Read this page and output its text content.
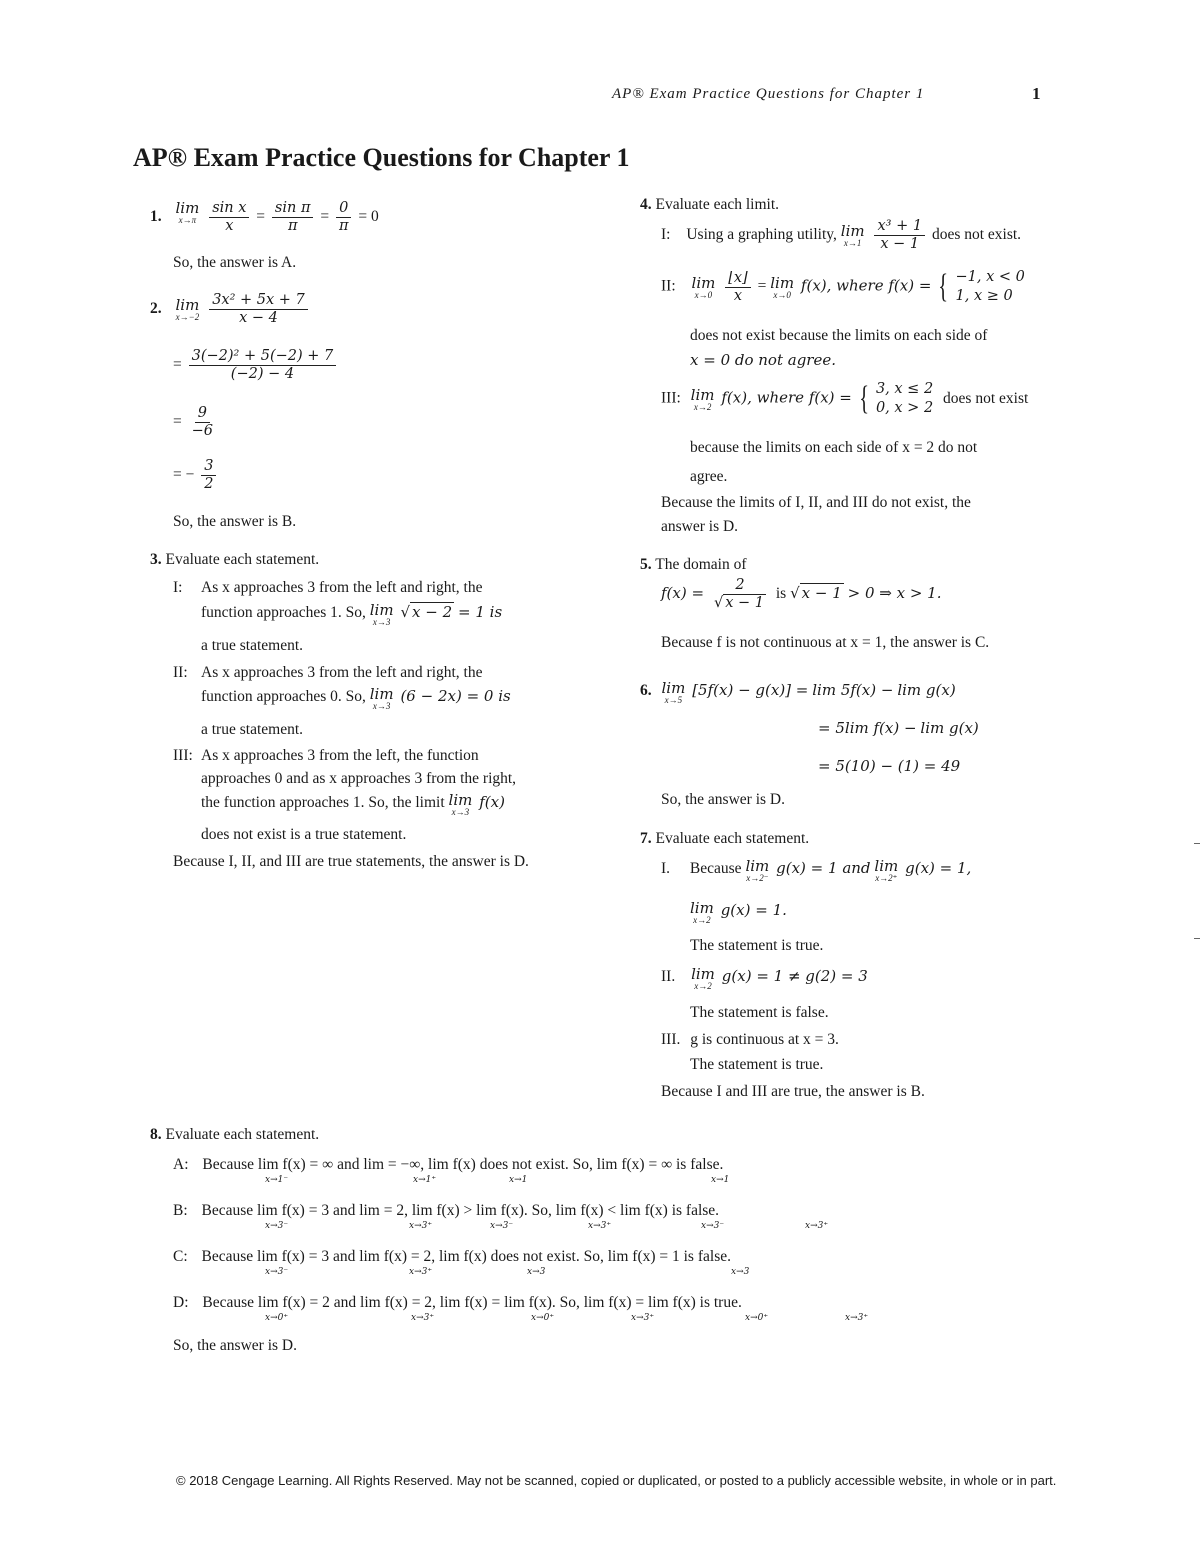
AP® Exam Practice Questions for Chapter 1	1
AP® Exam Practice Questions for Chapter 1
1. lim
x→π
$\frac{\text{sin x}}{x} = \frac{\text{sin π}}{\pi} = \frac{0}{\pi} = 0$
So, the answer is A.
2. lim
x→−2
$\frac{\text{3x² + 5x + 7}}{x - 4}$
= $\frac{\text{3(−2)² + 5(−2) + 7}}{(-2) - 4}$
= $\frac{9}{-6}$
= − $\frac{3}{2}$
So, the answer is B.
3. Evaluate each statement.
I: As x approaches 3 from the left and right, the
function approaches 1. So, lim
x→3
√ x − 2 = 1 is
a true statement.
II: As x approaches 3 from the left and right, the
function approaches 0. So, lim
x→3
(6 − 2x) = 0 is
a true statement.
III: As x approaches 3 from the left, the function
approaches 0 and as x approaches 3 from the right,
the function approaches 1. So, the limit lim
x→3
f(x)
does not exist is a true statement.
Because I, II, and III are true statements, the answer is D.
4. Evaluate each limit.
I: Using a graphing utility, lim
x→1
$\frac{\text{x³ + 1}}{x - 1}$ does not exist.
II: lim
x→0
$\frac{⌊x⌋}{x} = \lim$
x→0 f(x), where f(x) = { −1, x < 0
1, x ≥ 0
does not exist because the limits on each side of
x = 0 do not agree.
III: lim
x→2 f(x), where f(x) = { 3, x ≤ 2
0, x > 2
does not exist
because the limits on each side of x = 2 do not
agree.
Because the limits of I, II, and III do not exist, the
answer is D.
5. The domain of
$f(x) = \frac{2}{√ x - 1}$ is √ x − 1 > 0 ⇒ x > 1.
Because f is not continuous at x = 1, the answer is C.
6. lim
x→5
[5f(x) − g(x)] = lim 5f(x) − lim g(x)
= 5lim f(x) − lim g(x)
= 5(10) − (1) = 49
So, the answer is D.
7. Evaluate each statement.
I. Because lim
x→2⁻
g(x) = 1 and lim
x→2⁺
g(x) = 1,
lim
x→2
g(x) = 1.
The statement is true.
II. lim
x→2
g(x) = 1 ≠ g(2) = 3
The statement is false.
III. g is continuous at x = 3.
The statement is true.
Because I and III are true, the answer is B.
8. Evaluate each statement.
A: Because lim f(x) = ∞ and lim = −∞, lim f(x) does not exist. So, lim f(x) = ∞ is false.
x→1⁻	x→1⁺	x→1	x→1
B: Because lim f(x) = 3 and lim = 2, lim f(x) > lim f(x). So, lim f(x) < lim f(x) is false.
x→3⁻	x→3⁺	x→3⁻	x→3⁺	x→3⁻	x→3⁺
C: Because lim f(x) = 3 and lim f(x) = 2, lim f(x) does not exist. So, lim f(x) = 1 is false.
x→3⁻	x→3⁺	x→3	x→3
D: Because lim f(x) = 2 and lim f(x) = 2, lim f(x) = lim f(x). So, lim f(x) = lim f(x) is true.
x→0⁺	x→3⁺	x→0⁺	x→3⁺	x→0⁺	x→3⁺
So, the answer is D.
© 2018 Cengage Learning. All Rights Reserved. May not be scanned, copied or duplicated, or posted to a publicly accessible website, in whole or in part.
